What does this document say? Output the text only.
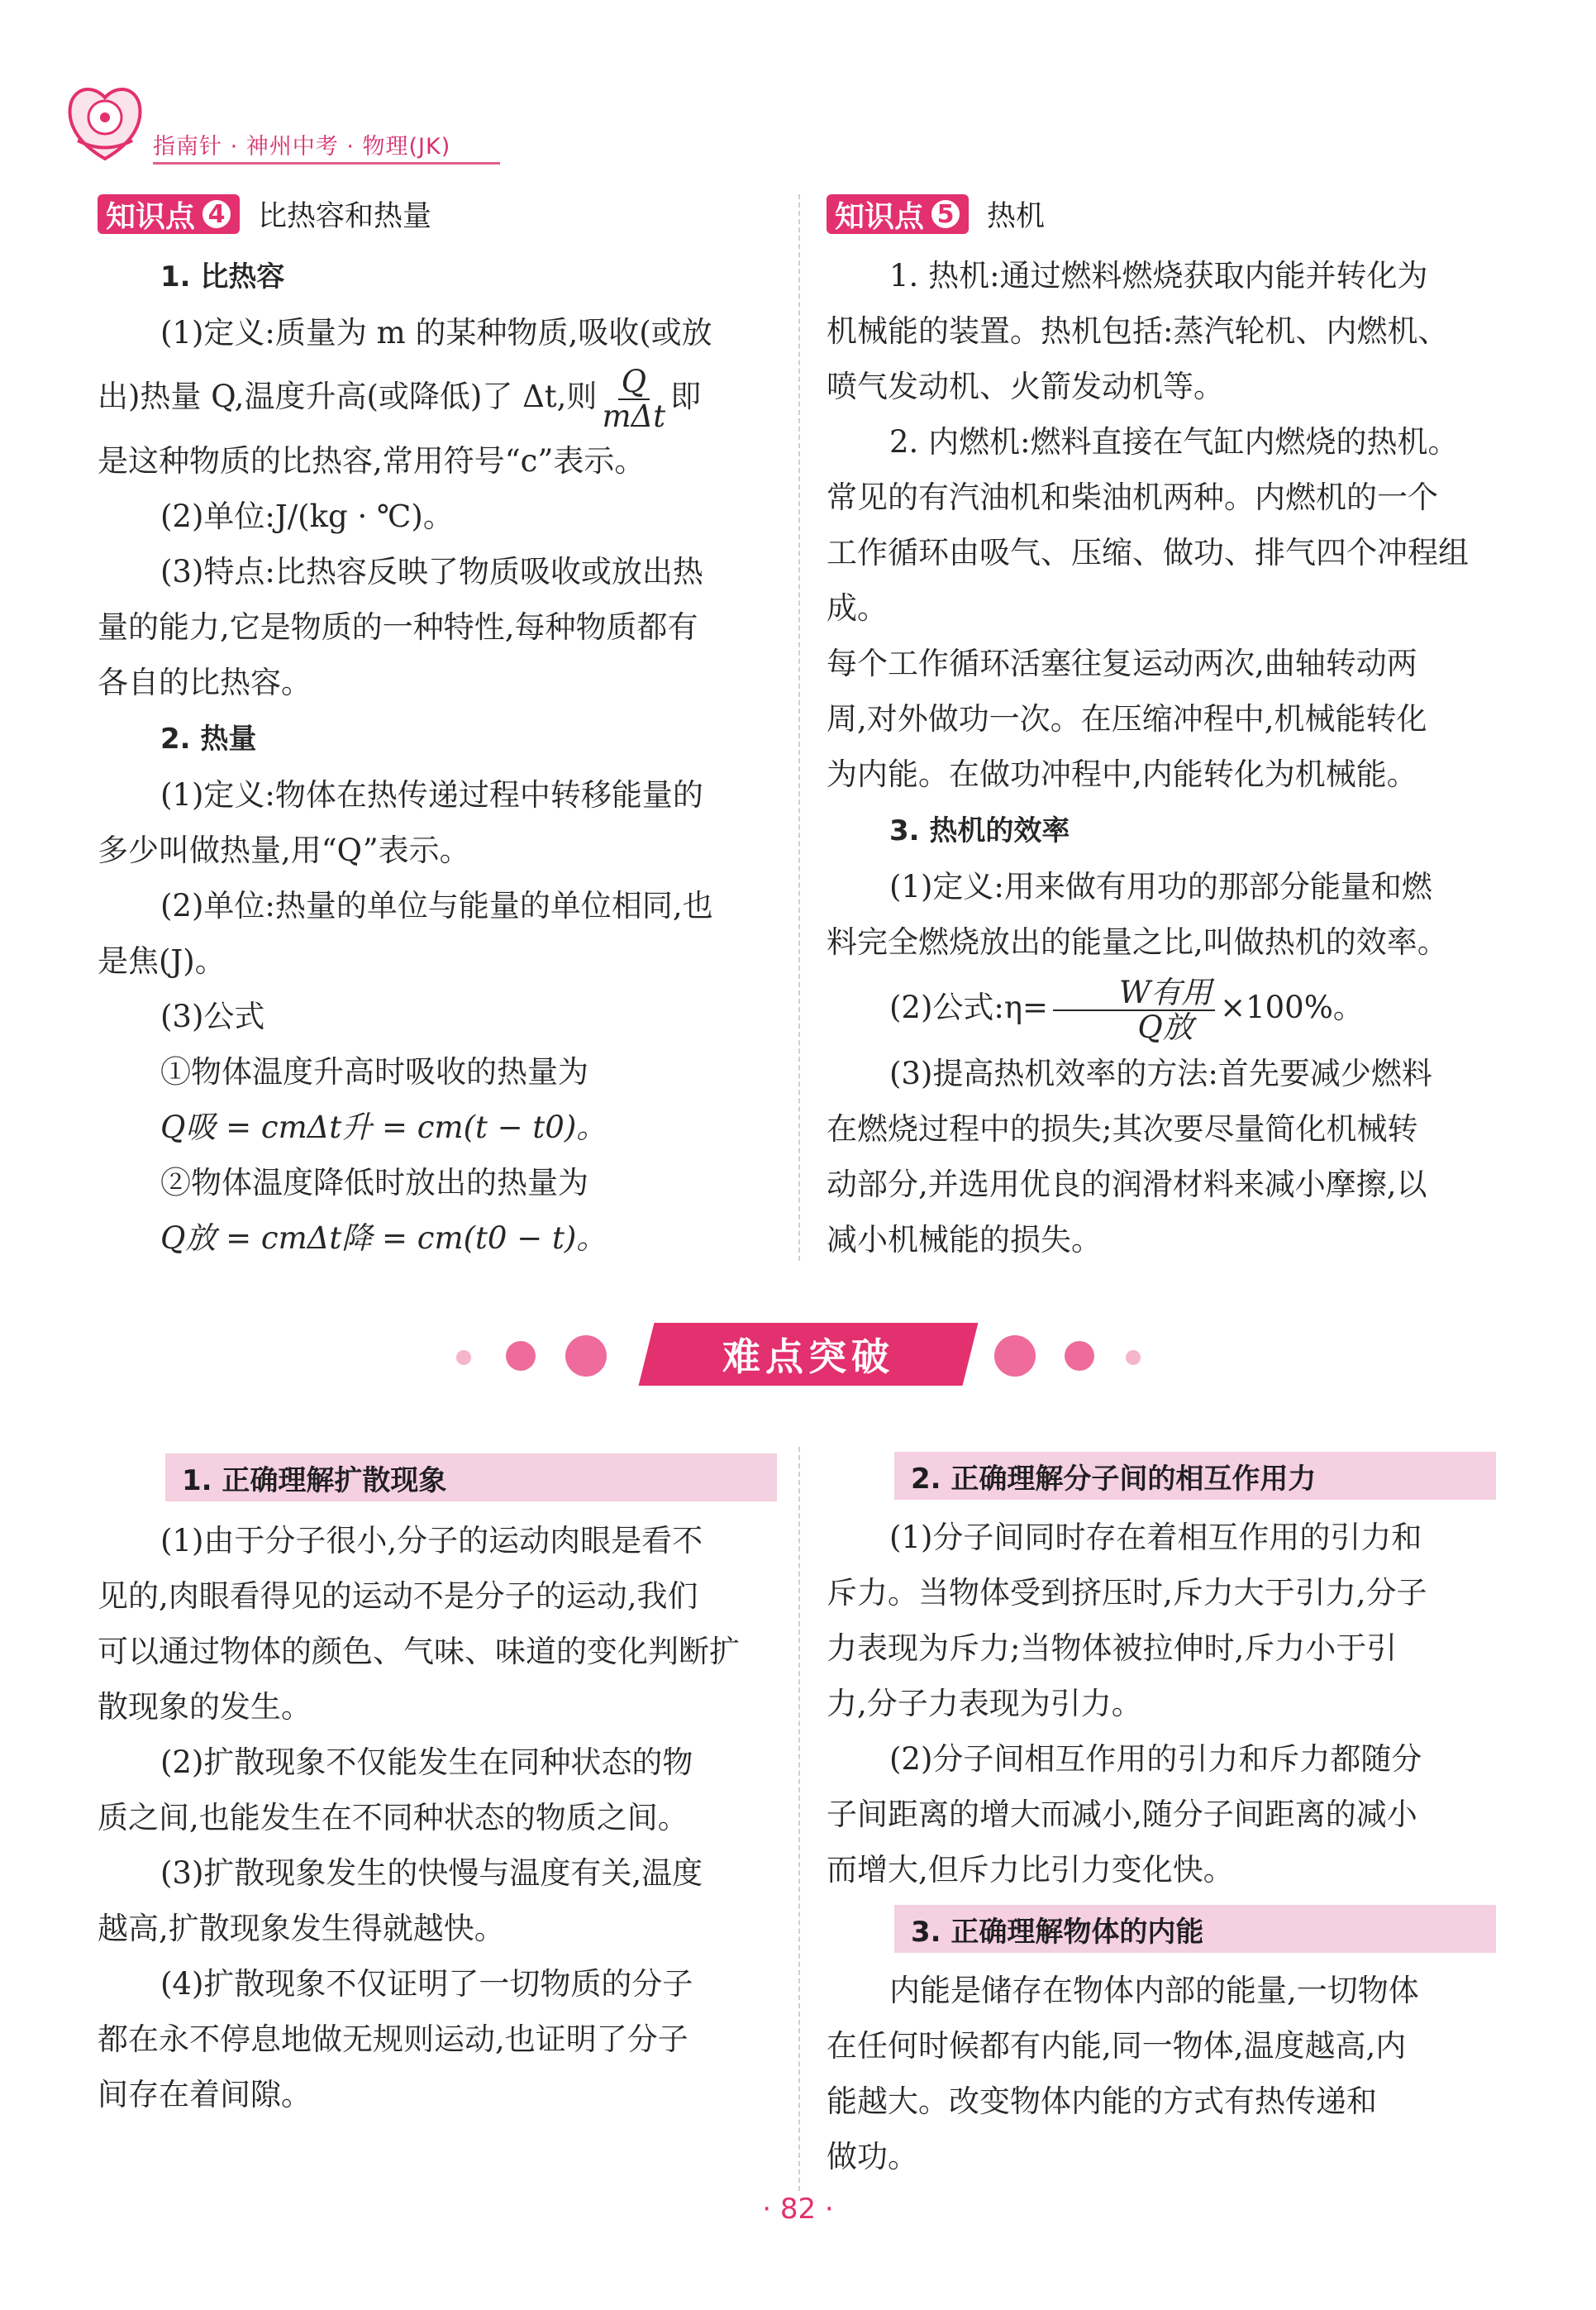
指南针 · 神州中考 · 物理(JK)
知识点 4 比热容和热量	知识点 5 热机

1. 比热容

(1)定义:质量为 m 的某种物质,吸收(或放

出)热量 Q,温度升高(或降低)了 Δt,则 $\frac{Q}{\text{mΔt}}$ 即

是这种物质的比热容,常用符号“c”表示。

(2)单位:J/(kg · ℃)。

(3)特点:比热容反映了物质吸收或放出热

量的能力,它是物质的一种特性,每种物质都有

各自的比热容。

2. 热量

(1)定义:物体在热传递过程中转移能量的

多少叫做热量,用“Q”表示。

(2)单位:热量的单位与能量的单位相同,也

是焦(J)。

(3)公式

①物体温度升高时吸收的热量为

Q吸 = cmΔt升 = cm(t − t0)。

②物体温度降低时放出的热量为

Q放 = cmΔt降 = cm(t0 − t)。

1. 热机:通过燃料燃烧获取内能并转化为

机械能的装置。热机包括:蒸汽轮机、内燃机、

喷气发动机、火箭发动机等。

2. 内燃机:燃料直接在气缸内燃烧的热机。

常见的有汽油机和柴油机两种。内燃机的一个

工作循环由吸气、压缩、做功、排气四个冲程组成。

每个工作循环活塞往复运动两次,曲轴转动两

周,对外做功一次。在压缩冲程中,机械能转化

为内能。在做功冲程中,内能转化为机械能。

3. 热机的效率

(1)定义:用来做有用功的那部分能量和燃

料完全燃烧放出的能量之比,叫做热机的效率。

(2)公式:η= $\frac{\text{W有用}}{\text{Q放}} \times 100\%$。

(3)提高热机效率的方法:首先要减少燃料

在燃烧过程中的损失;其次要尽量简化机械转

动部分,并选用优良的润滑材料来减小摩擦,以

减小机械能的损失。

难点突破
1. 正确理解扩散现象

(1)由于分子很小,分子的运动肉眼是看不

见的,肉眼看得见的运动不是分子的运动,我们

可以通过物体的颜色、气味、味道的变化判断扩

散现象的发生。

(2)扩散现象不仅能发生在同种状态的物

质之间,也能发生在不同种状态的物质之间。

(3)扩散现象发生的快慢与温度有关,温度

越高,扩散现象发生得就越快。

(4)扩散现象不仅证明了一切物质的分子

都在永不停息地做无规则运动,也证明了分子

间存在着间隙。

2. 正确理解分子间的相互作用力

(1)分子间同时存在着相互作用的引力和

斥力。当物体受到挤压时,斥力大于引力,分子

力表现为斥力;当物体被拉伸时,斥力小于引

力,分子力表现为引力。

(2)分子间相互作用的引力和斥力都随分

子间距离的增大而减小,随分子间距离的减小

而增大,但斥力比引力变化快。

3. 正确理解物体的内能

内能是储存在物体内部的能量,一切物体

在任何时候都有内能,同一物体,温度越高,内

能越大。改变物体内能的方式有热传递和

做功。

· 82 ·
